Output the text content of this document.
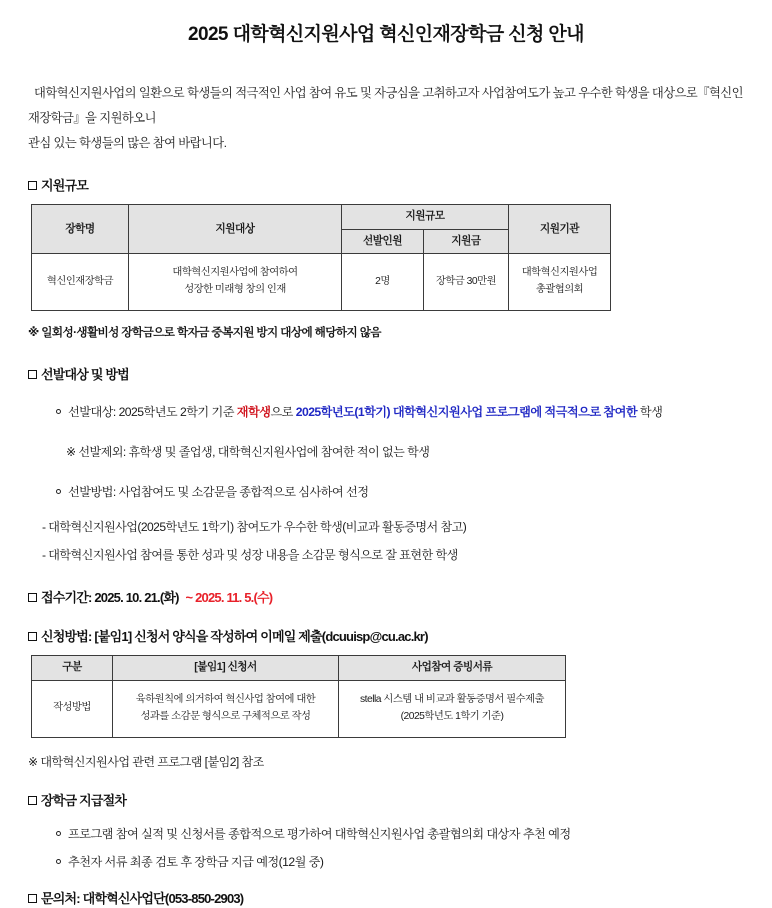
2025 대학혁신지원사업 혁신인재장학금 신청 안내
대학혁신지원사업의 일환으로 학생들의 적극적인 사업 참여 유도 및 자긍심을 고취하고자 사업참여도가 높고 우수한 학생을 대상으로『혁신인재장학금』을 지원하오니
관심 있는 학생들의 많은 참여 바랍니다.
지원규모
장학명	지원대상	지원규모		지원기관
		선발인원	지원금	
혁신인재장학금	대학혁신지원사업에 참여하여
성장한 미래형 창의 인재	2명	장학금 30만원	대학혁신지원사업
총괄협의회
※ 일회성·생활비성 장학금으로 학자금 중복지원 방지 대상에 해당하지 않음
선발대상 및 방법
선발대상: 2025학년도 2학기 기준 재학생으로 2025학년도(1학기) 대학혁신지원사업 프로그램에 적극적으로 참여한 학생
※ 선발제외: 휴학생 및 졸업생, 대학혁신지원사업에 참여한 적이 없는 학생
선발방법: 사업참여도 및 소감문을 종합적으로 심사하여 선정
- 대학혁신지원사업(2025학년도 1학기) 참여도가 우수한 학생(비교과 활동증명서 참고)
- 대학혁신지원사업 참여를 통한 성과 및 성장 내용을 소감문 형식으로 잘 표현한 학생
접수기간: 2025. 10. 21.(화) ~ 2025. 11. 5.(수)
신청방법: [붙임1] 신청서 양식을 작성하여 이메일 제출(dcuuisp@cu.ac.kr)
구분	[붙임1] 신청서	사업참여 증빙서류
작성방법	육하원칙에 의거하여 혁신사업 참여에 대한
성과를 소감문 형식으로 구체적으로 작성	stella 시스템 내 비교과 활동증명서 필수제출
(2025학년도 1학기 기준)
※ 대학혁신지원사업 관련 프로그램 [붙임2] 참조
장학금 지급절차
프로그램 참여 실적 및 신청서를 종합적으로 평가하여 대학혁신지원사업 총괄협의회 대상자 추천 예정
추천자 서류 최종 검토 후 장학금 지급 예정(12월 중)
문의처: 대학혁신사업단(053-850-2903)
